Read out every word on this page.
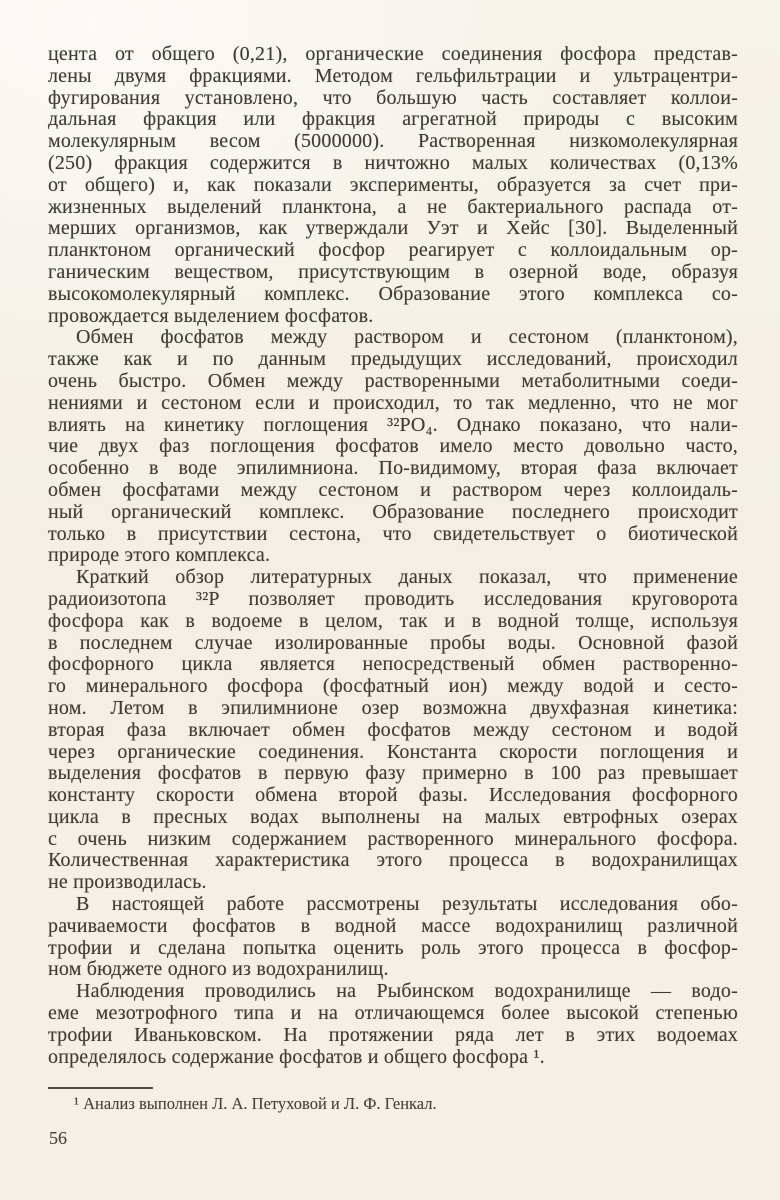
цента от общего (0,21), органические соединения фосфора представ-
лены двумя фракциями. Методом гельфильтрации и ультрацентри-
фугирования установлено, что большую часть составляет коллои-
дальная фракция или фракция агрегатной природы с высоким
молекулярным весом (5000000). Растворенная низкомолекулярная
(250) фракция содержится в ничтожно малых количествах (0,13%
от общего) и, как показали эксперименты, образуется за счет при-
жизненных выделений планктона, а не бактериального распада от-
мерших организмов, как утверждали Уэт и Хейс [30]. Выделенный
планктоном органический фосфор реагирует с коллоидальным ор-
ганическим веществом, присутствующим в озерной воде, образуя
высокомолекулярный комплекс. Образование этого комплекса со-
провождается выделением фосфатов.
Обмен фосфатов между раствором и сестоном (планктоном),
также как и по данным предыдущих исследований, происходил
очень быстро. Обмен между растворенными метаболитными соеди-
нениями и сестоном если и происходил, то так медленно, что не мог
влиять на кинетику поглощения ³²PO₄. Однако показано, что нали-
чие двух фаз поглощения фосфатов имело место довольно часто,
особенно в воде эпилимниона. По-видимому, вторая фаза включает
обмен фосфатами между сестоном и раствором через коллоидаль-
ный органический комплекс. Образование последнего происходит
только в присутствии сестона, что свидетельствует о биотической
природе этого комплекса.
Краткий обзор литературных даных показал, что применение
радиоизотопа ³²P позволяет проводить исследования круговорота
фосфора как в водоеме в целом, так и в водной толще, используя
в последнем случае изолированные пробы воды. Основной фазой
фосфорного цикла является непосредственый обмен растворенно-
го минерального фосфора (фосфатный ион) между водой и сесто-
ном. Летом в эпилимнионе озер возможна двухфазная кинетика:
вторая фаза включает обмен фосфатов между сестоном и водой
через органические соединения. Константа скорости поглощения и
выделения фосфатов в первую фазу примерно в 100 раз превышает
константу скорости обмена второй фазы. Исследования фосфорного
цикла в пресных водах выполнены на малых евтрофных озерах
с очень низким содержанием растворенного минерального фосфора.
Количественная характеристика этого процесса в водохранилищах
не производилась.
В настоящей работе рассмотрены результаты исследования обо-
рачиваемости фосфатов в водной массе водохранилищ различной
трофии и сделана попытка оценить роль этого процесса в фосфор-
ном бюджете одного из водохранилищ.
Наблюдения проводились на Рыбинском водохранилище — водо-
еме мезотрофного типа и на отличающемся более высокой степенью
трофии Иваньковском. На протяжении ряда лет в этих водоемах
определялось содержание фосфатов и общего фосфора ¹.
¹ Анализ выполнен Л. А. Петуховой и Л. Ф. Генкал.
56
